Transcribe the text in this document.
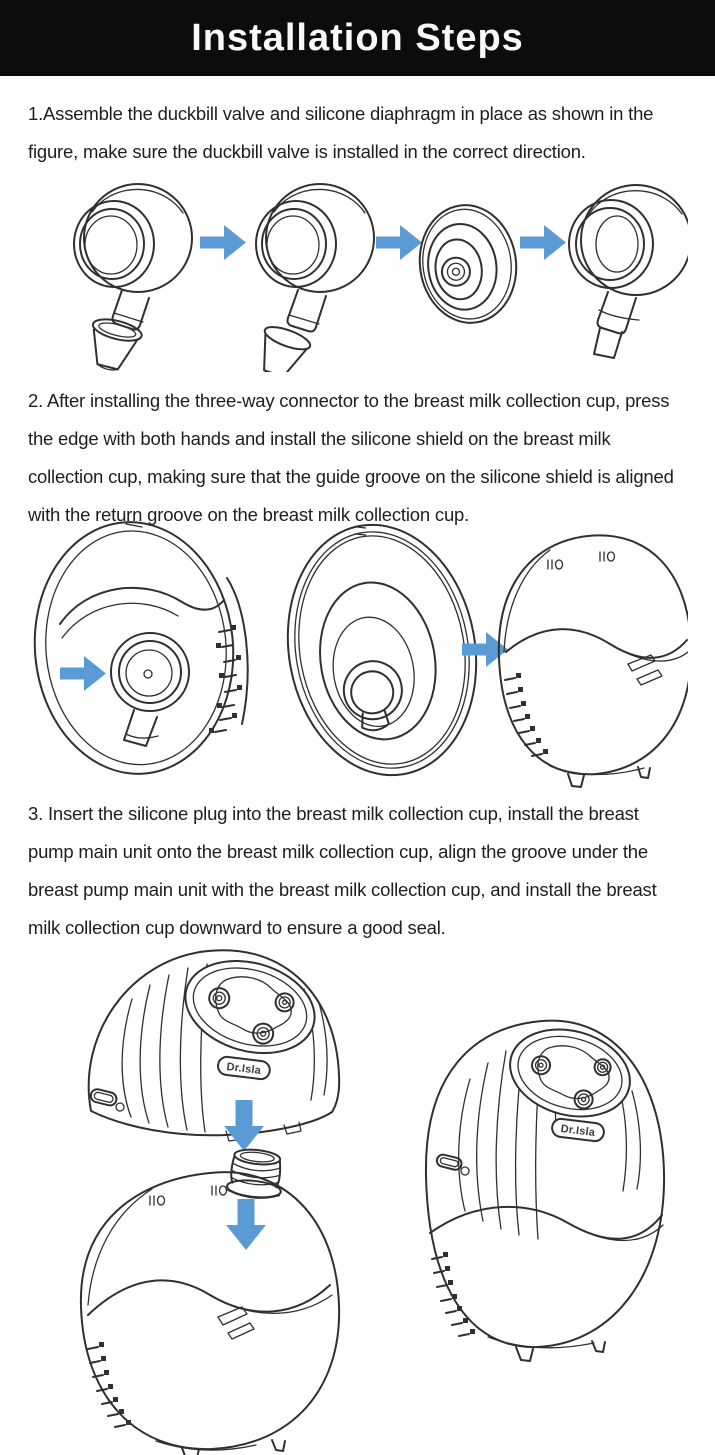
Installation Steps

1.Assemble the duckbill valve and silicone diaphragm in place as shown in the figure, make sure the duckbill valve is installed in the correct direction.

2. After installing the three-way connector to the breast milk collection cup, press the edge with both hands and install the silicone shield on the breast milk collection cup, making sure that the guide groove on the silicone shield is aligned with the return groove on the breast milk collection cup.

3. Insert the silicone plug into the breast milk collection cup, install the breast pump main unit onto the breast milk collection cup, align the groove under the breast pump main unit with the breast milk collection cup, and install the breast milk collection cup downward to ensure a good seal.

Dr.Isla
Dr.Isla
